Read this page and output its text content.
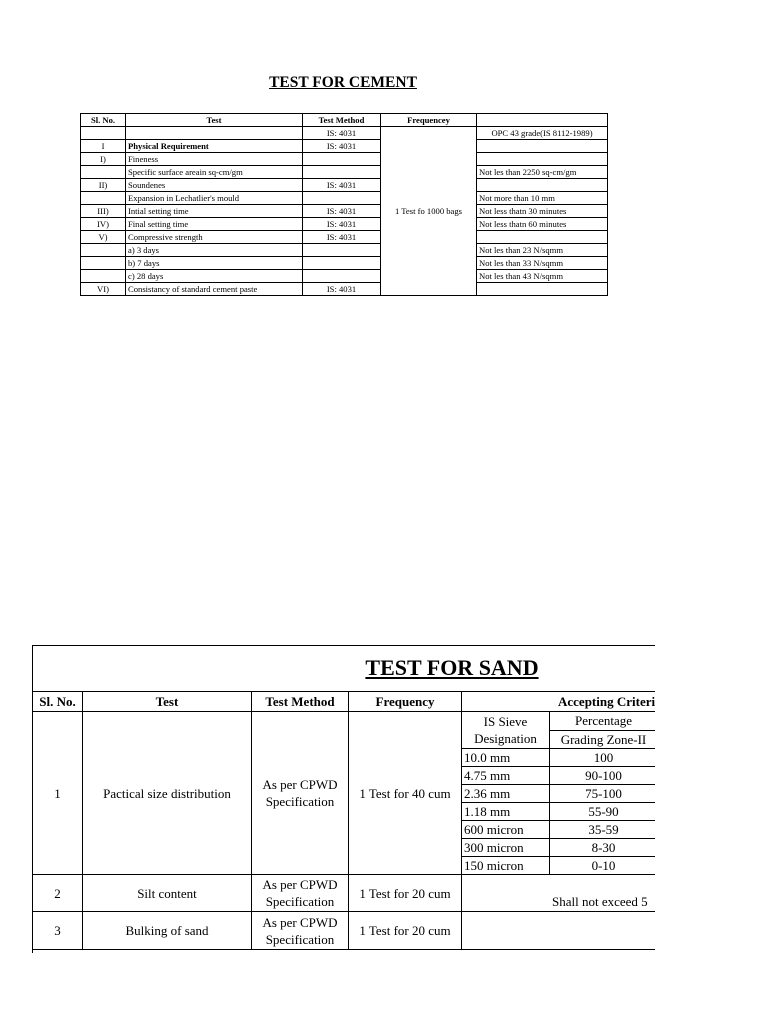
TEST FOR CEMENT
Sl. No.	Test	Test Method	Frequencey	
		IS: 4031	1 Test fo 1000 bags	OPC 43 grade(IS 8112-1989)
I	Physical Requirement	IS: 4031		
I)	Fineness			
	Specific surface areain sq-cm/gm			Not les than 2250 sq-cm/gm
II)	Soundenes	IS: 4031		
	Expansion in Lechatlier's mould			Not more than 10 mm
III)	Intial setting time	IS: 4031		Not less thatn 30 minutes
IV)	Final setting time	IS: 4031		Not less thatn 60 minutes
V)	Compressive strength	IS: 4031		
	a) 3 days			Not les than 23 N/sqmm
	b) 7 days			Not les than 33 N/sqmm
	c) 28 days			Not les than 43 N/sqmm
VI)	Consistancy of standard cement paste	IS: 4031		
TEST FOR SAND
Sl. No.	Test	Test Method	Frequency	Accepting Criteri		
1	Pactical size distribution	As per CPWD
Specification	1 Test for 40 cum	IS Sieve
Designation	Percentage	
					Grading Zone-II	
				10.0 mm	100	
				4.75 mm	90-100	
				2.36 mm	75-100	
				1.18 mm	55-90	
				600 micron	35-59	
				300 micron	8-30	
				150 micron	0-10	
2	Silt content	As per CPWD
Specification	1 Test for 20 cum	Shall not exceed 5		
3	Bulking of sand	As per CPWD
Specification	1 Test for 20 cum			
